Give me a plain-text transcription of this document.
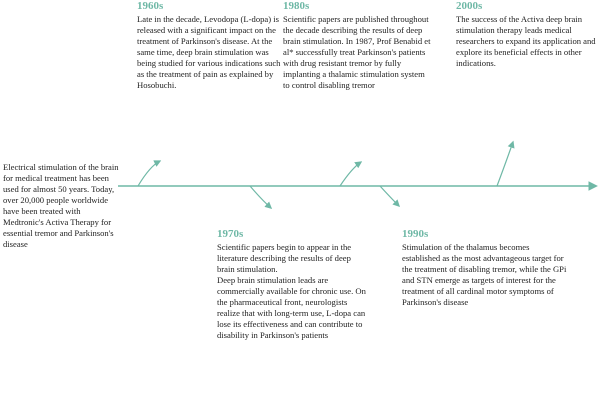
Electrical stimulation of the brain for medical treatment has been used for almost 50 years. Today, over 20,000 people worldwide have been treated with Medtronic's Activa Therapy for essential tremor and Parkinson's disease
1960s
Late in the decade, Levodopa (L-dopa) is released with a significant impact on the treatment of Parkinson's disease. At the same time, deep brain stimulation was being studied for various indications such as the treatment of pain as explained by Hosobuchi.
1980s
Scientific papers are published throughout the decade describing the results of deep brain stimulation. In 1987, Prof Benabid et al* successfully treat Parkinson's patients with drug resistant tremor by fully implanting a thalamic stimulation system to control disabling tremor
2000s
The success of the Activa deep brain stimulation therapy leads medical researchers to expand its application and explore its beneficial effects in other indications.
1970s
Scientific papers begin to appear in the literature describing the results of deep brain stimulation.
Deep brain stimulation leads are commercially available for chronic use. On the pharmaceutical front, neurologists realize that with long-term use, L-dopa can lose its effectiveness and can contribute to disability in Parkinson's patients
1990s
Stimulation of the thalamus becomes established as the most advantageous target for the treatment of disabling tremor, while the GPi and STN emerge as targets of interest for the treatment of all cardinal motor symptoms of Parkinson's disease
